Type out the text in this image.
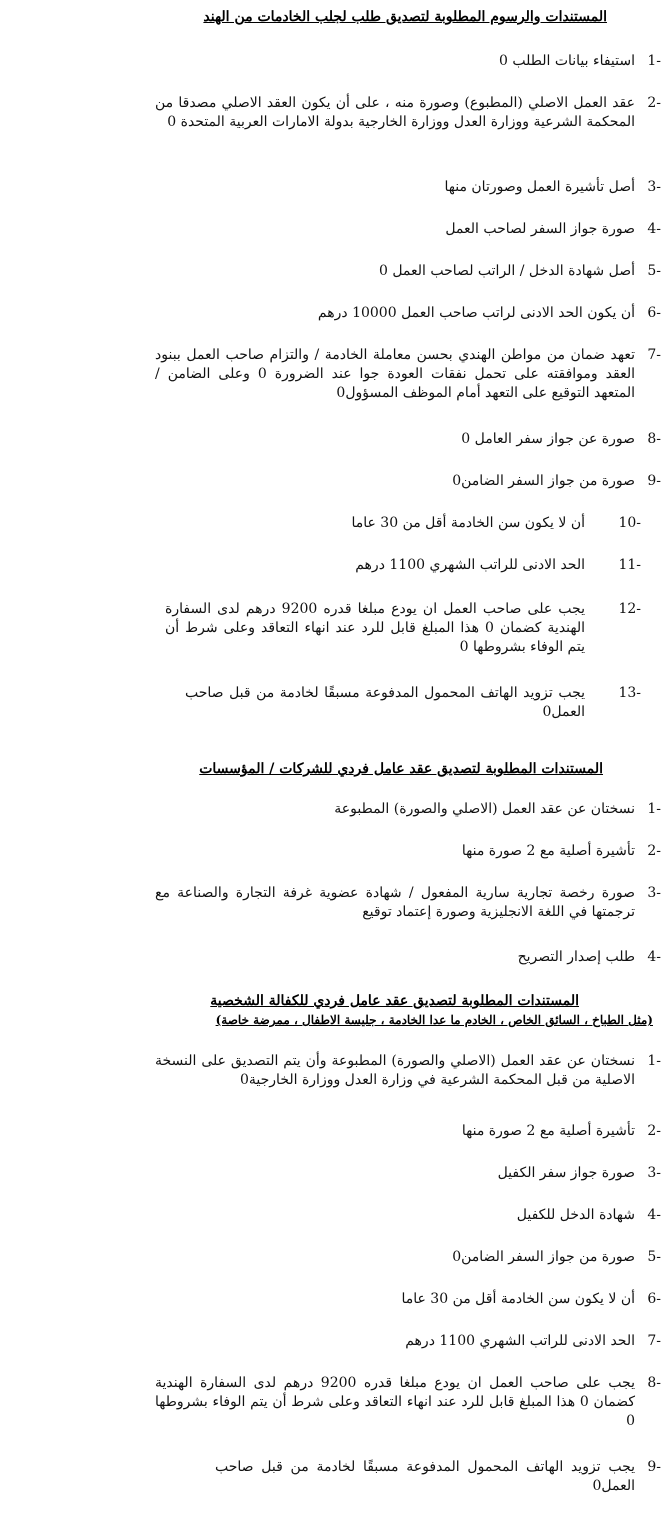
المستندات والرسوم المطلوبة لتصديق طلب لجلب الخادمات من الهند
1-
استيفاء بيانات الطلب 0
2-
عقد العمل الاصلي (المطبوع) وصورة منه ، على أن يكون العقد الاصلي مصدقا من المحكمة الشرعية ووزارة العدل ووزارة الخارجية بدولة الامارات العربية المتحدة 0
3-
أصل تأشيرة العمل وصورتان منها
4-
صورة جواز السفر لصاحب العمل
5-
أصل شهادة الدخل / الراتب لصاحب العمل 0
6-
أن يكون الحد الادنى لراتب صاحب العمل 10000 درهم
7-
تعهد ضمان من مواطن الهندي بحسن معاملة الخادمة / والتزام صاحب العمل ببنود العقد وموافقته على تحمل نفقات العودة جوا عند الضرورة 0 وعلى الضامن / المتعهد التوقيع على التعهد أمام الموظف المسؤول0
8-
صورة عن جواز سفر العامل 0
9-
صورة من جواز السفر الضامن0
10-
أن لا يكون سن الخادمة أقل من 30 عاما
11-
الحد الادنى للراتب الشهري 1100 درهم
12-
يجب على صاحب العمل ان يودع مبلغا قدره 9200 درهم لدى السفارة الهندية كضمان 0 هذا المبلغ قابل للرد عند انهاء التعاقد وعلى شرط أن يتم الوفاء بشروطها 0
13-
يجب تزويد الهاتف المحمول المدفوعة مسبقًا لخادمة من قبل صاحب العمل0
المستندات المطلوبة لتصديق عقد عامل فردي للشركات / المؤسسات
1-
نسختان عن عقد العمل (الاصلي والصورة) المطبوعة
2-
تأشيرة أصلية مع 2 صورة منها
3-
صورة رخصة تجارية سارية المفعول / شهادة عضوية غرفة التجارة والصناعة مع ترجمتها في اللغة الانجليزية وصورة إعتماد توقيع
4-
طلب إصدار التصريح
المستندات المطلوبة لتصديق عقد عامل فردي للكفالة الشخصية
(مثل الطباخ ، السائق الخاص ، الخادم ما عدا الخادمة ، جليسة الاطفال ، ممرضة خاصة)
1-
نسختان عن عقد العمل (الاصلي والصورة) المطبوعة وأن يتم التصديق على النسخة الاصلية من قبل المحكمة الشرعية في وزارة العدل ووزارة الخارجية0
2-
تأشيرة أصلية مع 2 صورة منها
3-
صورة جواز سفر الكفيل
4-
شهادة الدخل للكفيل
5-
صورة من جواز السفر الضامن0
6-
أن لا يكون سن الخادمة أقل من 30 عاما
7-
الحد الادنى للراتب الشهري 1100 درهم
8-
يجب على صاحب العمل ان يودع مبلغا قدره 9200 درهم لدى السفارة الهندية كضمان 0 هذا المبلغ قابل للرد عند انهاء التعاقد وعلى شرط أن يتم الوفاء بشروطها 0
9-
يجب تزويد الهاتف المحمول المدفوعة مسبقًا لخادمة من قبل صاحب العمل0
